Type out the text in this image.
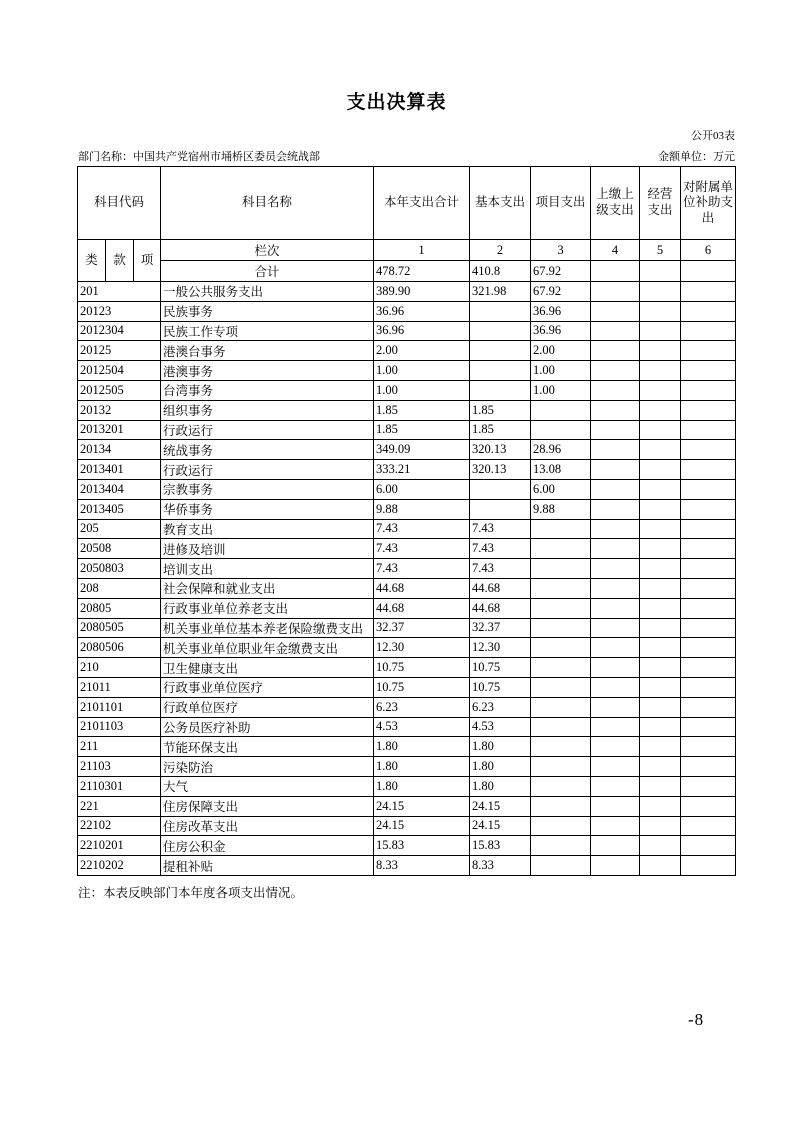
支出决算表
公开03表
部门名称：中国共产党宿州市埇桥区委员会统战部	金额单位：万元
科目代码			科目名称	本年支出合计	基本支出	项目支出	上缴上级支出	经营支出	对附属单位补助支出
类	款	项	栏次	1	2	3	4	5	6
			合计	478.72	410.8	67.92			
201			一般公共服务支出	389.90	321.98	67.92			
20123			民族事务	36.96		36.96			
2012304			民族工作专项	36.96		36.96			
20125			港澳台事务	2.00		2.00			
2012504			港澳事务	1.00		1.00			
2012505			台湾事务	1.00		1.00			
20132			组织事务	1.85	1.85				
2013201			行政运行	1.85	1.85				
20134			统战事务	349.09	320.13	28.96			
2013401			行政运行	333.21	320.13	13.08			
2013404			宗教事务	6.00		6.00			
2013405			华侨事务	9.88		9.88			
205			教育支出	7.43	7.43				
20508			进修及培训	7.43	7.43				
2050803			培训支出	7.43	7.43				
208			社会保障和就业支出	44.68	44.68				
20805			行政事业单位养老支出	44.68	44.68				
2080505			机关事业单位基本养老保险缴费支出	32.37	32.37				
2080506			机关事业单位职业年金缴费支出	12.30	12.30				
210			卫生健康支出	10.75	10.75				
21011			行政事业单位医疗	10.75	10.75				
2101101			行政单位医疗	6.23	6.23				
2101103			公务员医疗补助	4.53	4.53				
211			节能环保支出	1.80	1.80				
21103			污染防治	1.80	1.80				
2110301			大气	1.80	1.80				
221			住房保障支出	24.15	24.15				
22102			住房改革支出	24.15	24.15				
2210201			住房公积金	15.83	15.83				
2210202			提租补贴	8.33	8.33				
注：本表反映部门本年度各项支出情况。
-8
